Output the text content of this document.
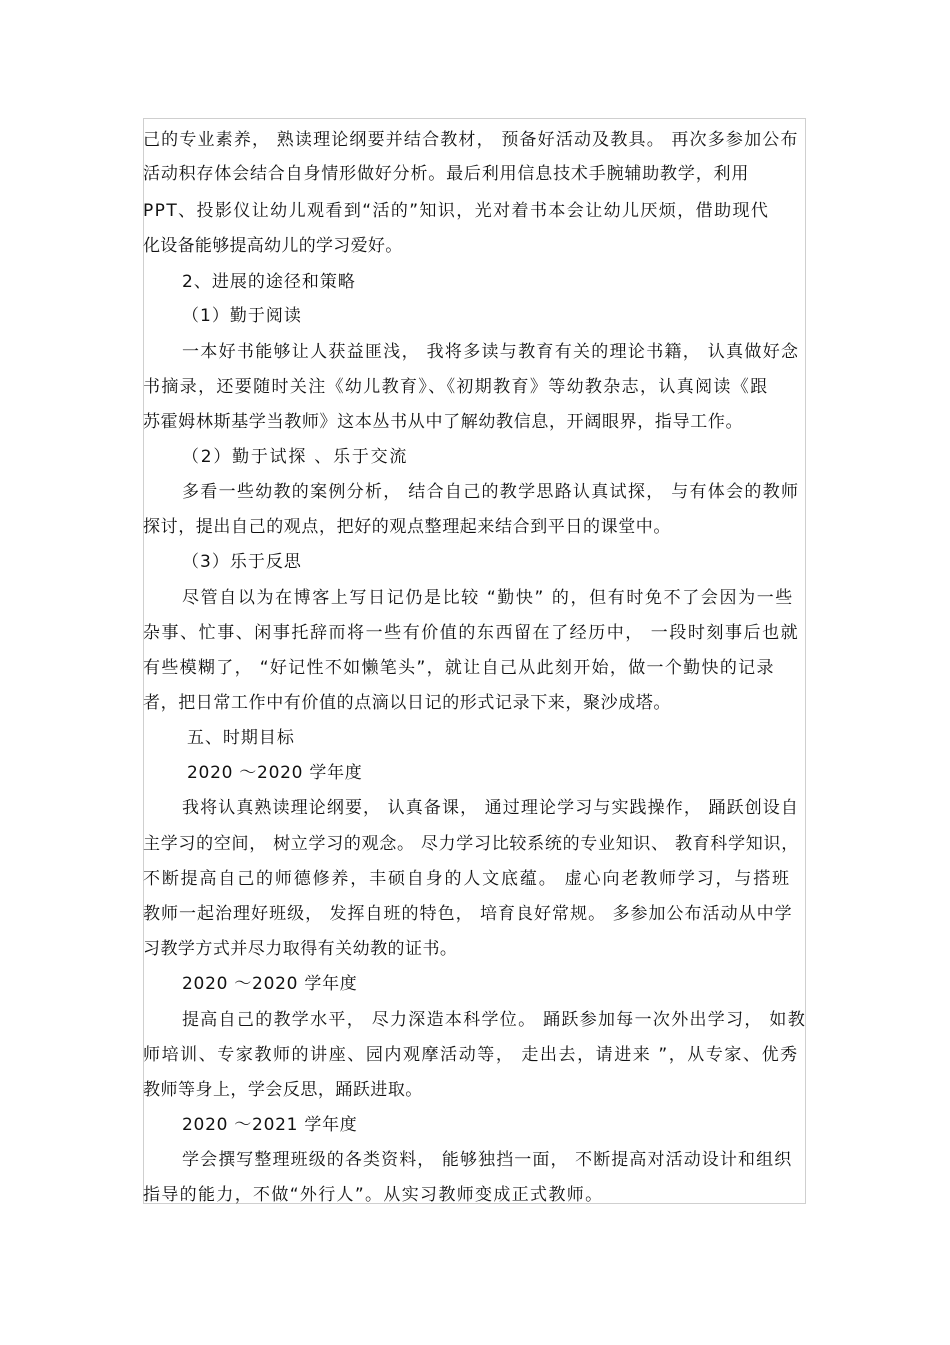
己的专业素养， 熟读理论纲要并结合教材， 预备好活动及教具。 再次多参加公布
活动积存体会结合自身情形做好分析。最后利用信息技术手腕辅助教学，利用
PPT、投影仪让幼儿观看到“活的”知识，光对着书本会让幼儿厌烦，借助现代
化设备能够提高幼儿的学习爱好。
2、进展的途径和策略
（1）勤于阅读
一本好书能够让人获益匪浅， 我将多读与教育有关的理论书籍， 认真做好念
书摘录，还要随时关注《幼儿教育》、《初期教育》等幼教杂志，认真阅读《跟
苏霍姆林斯基学当教师》这本丛书从中了解幼教信息，开阔眼界，指导工作。
（2）勤于试探 、乐于交流
多看一些幼教的案例分析， 结合自己的教学思路认真试探， 与有体会的教师
探讨，提出自己的观点，把好的观点整理起来结合到平日的课堂中。
（3）乐于反思
尽管自以为在博客上写日记仍是比较 “勤快” 的，但有时免不了会因为一些
杂事、忙事、闲事托辞而将一些有价值的东西留在了经历中， 一段时刻事后也就
有些模糊了， “好记性不如懒笔头”，就让自己从此刻开始，做一个勤快的记录
者，把日常工作中有价值的点滴以日记的形式记录下来，聚沙成塔。
五、时期目标
2020 ～2020 学年度
我将认真熟读理论纲要， 认真备课， 通过理论学习与实践操作， 踊跃创设自
主学习的空间， 树立学习的观念。 尽力学习比较系统的专业知识、 教育科学知识，
不断提高自己的师德修养，丰硕自身的人文底蕴。 虚心向老教师学习，与搭班
教师一起治理好班级， 发挥自班的特色， 培育良好常规。 多参加公布活动从中学
习教学方式并尽力取得有关幼教的证书。
2020 ～2020 学年度
提高自己的教学水平， 尽力深造本科学位。 踊跃参加每一次外出学习， 如教
师培训、专家教师的讲座、园内观摩活动等， 走出去，请进来 ”，从专家、优秀
教师等身上，学会反思，踊跃进取。
2020 ～2021 学年度
学会撰写整理班级的各类资料， 能够独挡一面， 不断提高对活动设计和组织
指导的能力，不做“外行人”。从实习教师变成正式教师。
